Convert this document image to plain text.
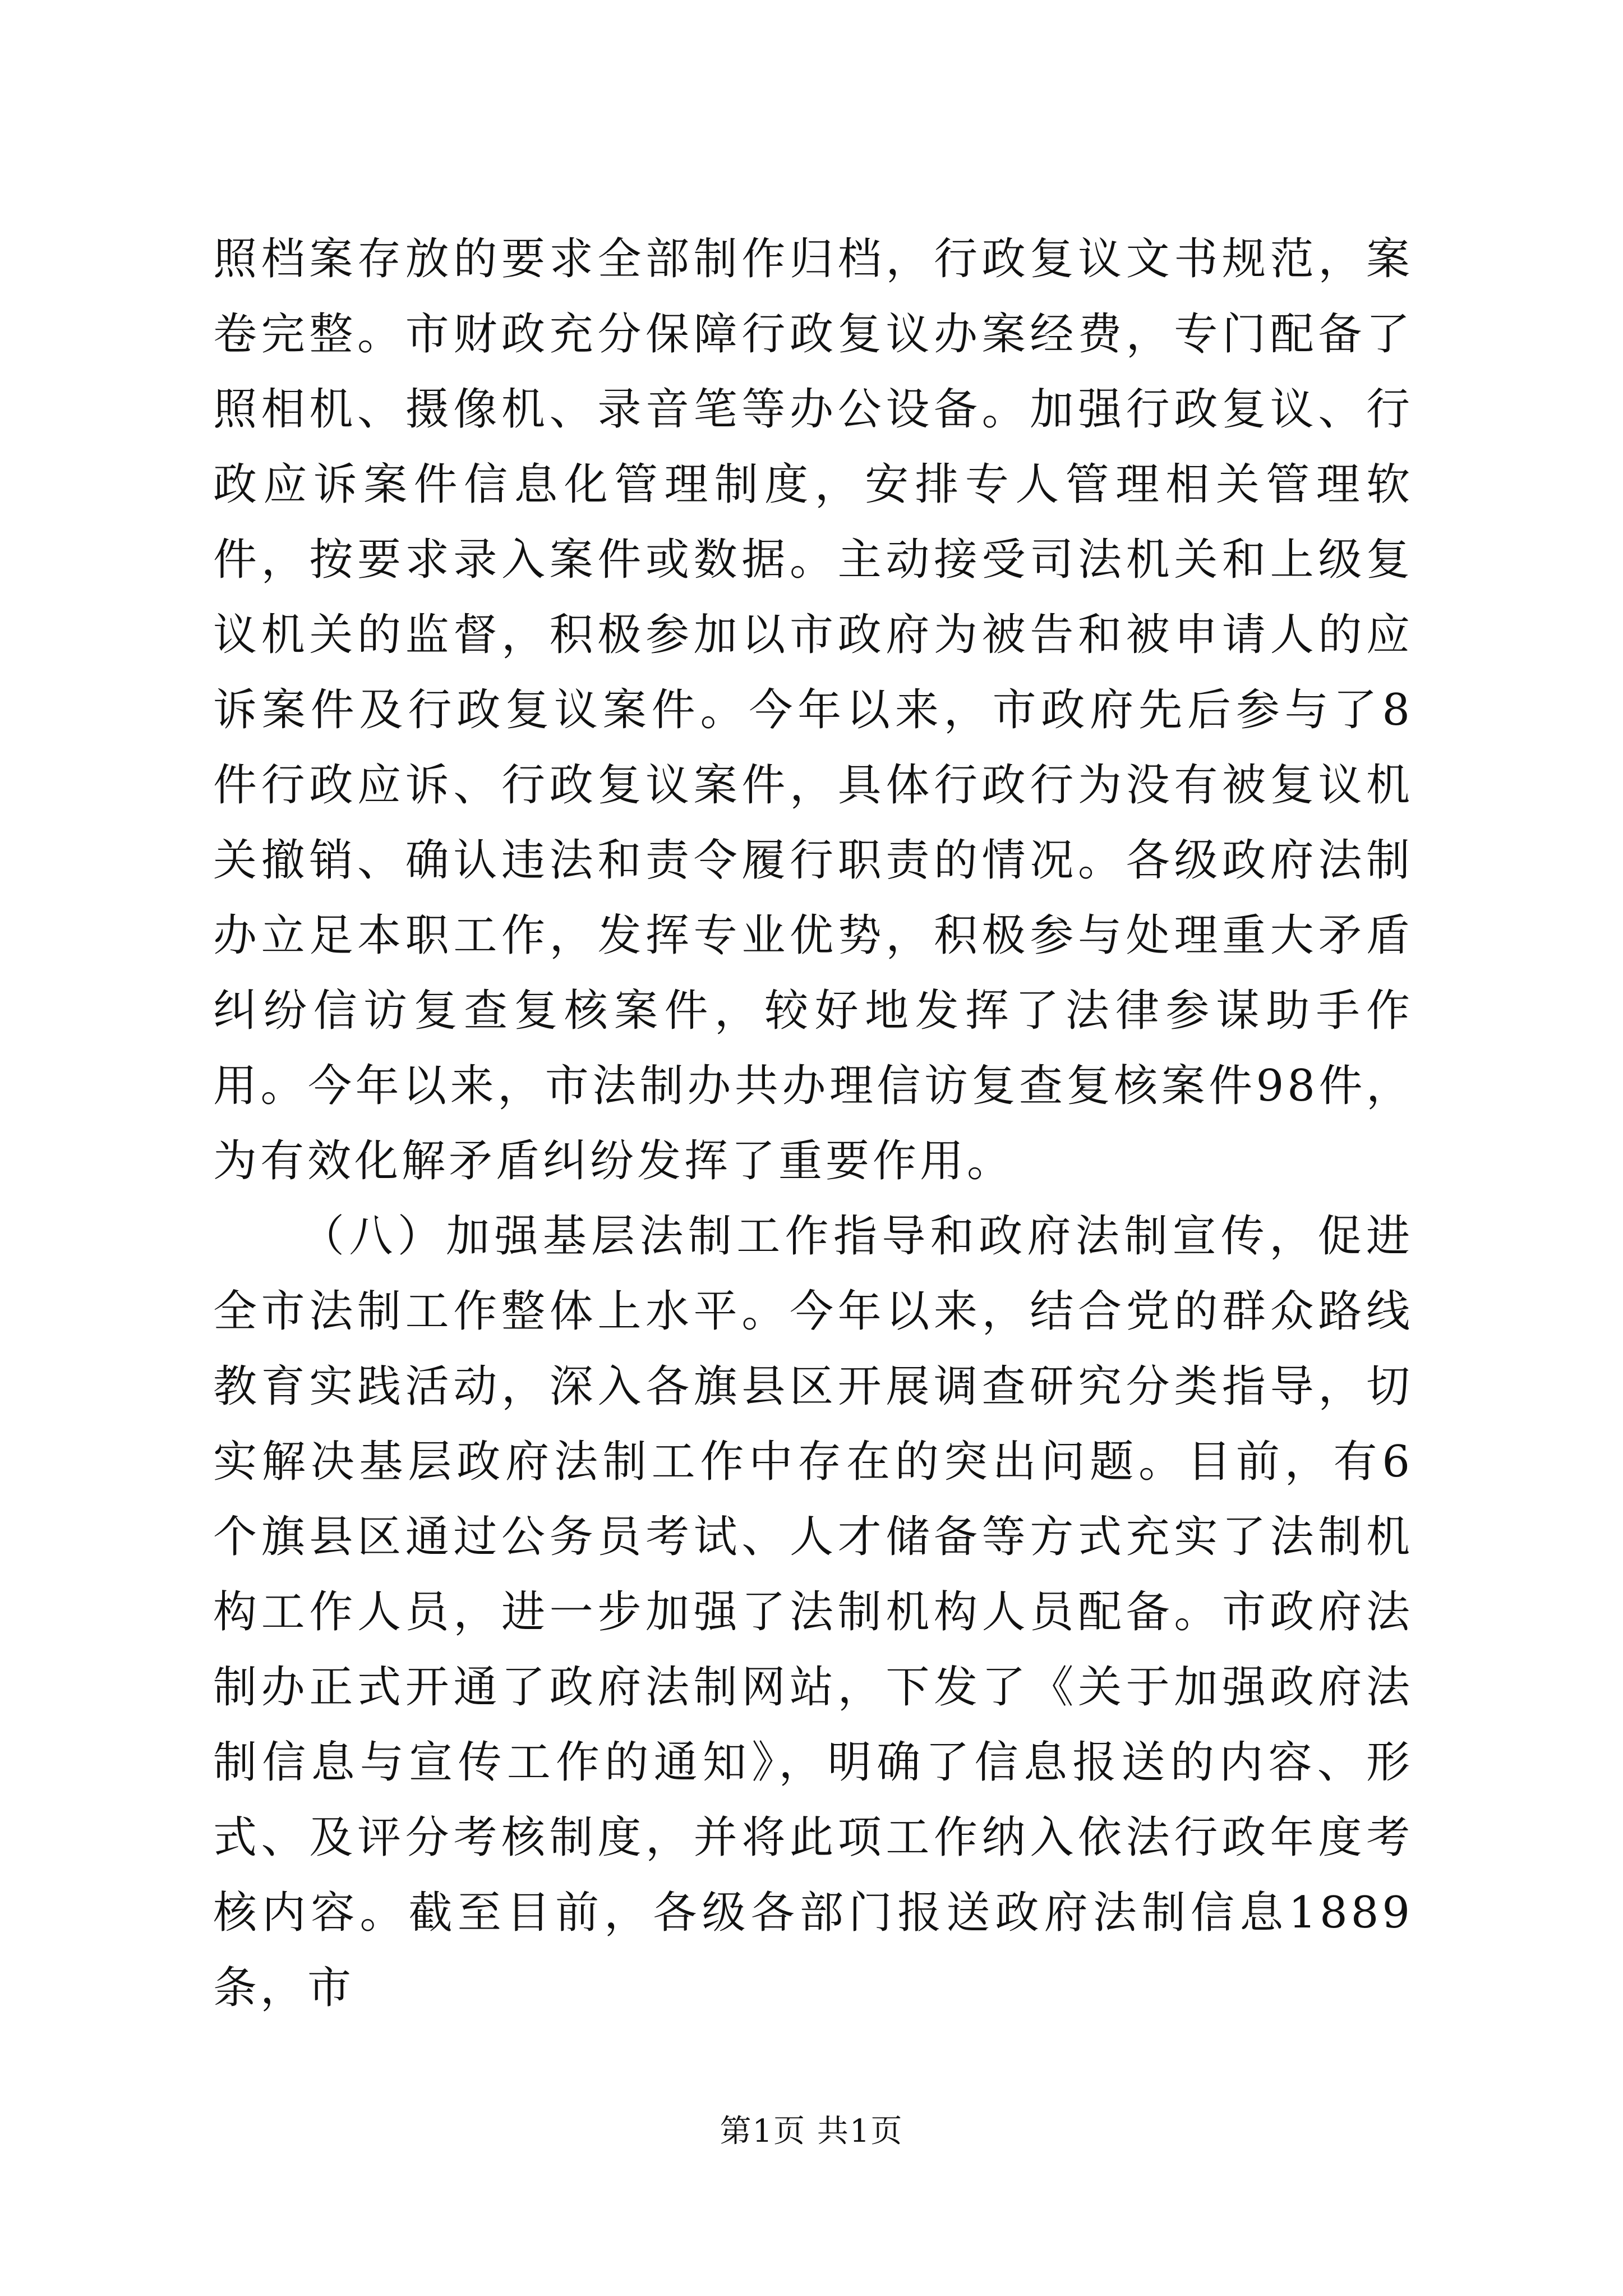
照档案存放的要求全部制作归档，行政复议文书规范，案卷完整。市财政充分保障行政复议办案经费，专门配备了照相机、摄像机、录音笔等办公设备。加强行政复议、行政应诉案件信息化管理制度，安排专人管理相关管理软件，按要求录入案件或数据。主动接受司法机关和上级复议机关的监督，积极参加以市政府为被告和被申请人的应诉案件及行政复议案件。今年以来，市政府先后参与了8件行政应诉、行政复议案件，具体行政行为没有被复议机关撤销、确认违法和责令履行职责的情况。各级政府法制办立足本职工作，发挥专业优势，积极参与处理重大矛盾纠纷信访复查复核案件，较好地发挥了法律参谋助手作用。今年以来，市法制办共办理信访复查复核案件98件，为有效化解矛盾纠纷发挥了重要作用。

（八）加强基层法制工作指导和政府法制宣传，促进全市法制工作整体上水平。今年以来，结合党的群众路线教育实践活动，深入各旗县区开展调查研究分类指导，切实解决基层政府法制工作中存在的突出问题。目前，有6个旗县区通过公务员考试、人才储备等方式充实了法制机构工作人员，进一步加强了法制机构人员配备。市政府法制办正式开通了政府法制网站，下发了《关于加强政府法制信息与宣传工作的通知》，明确了信息报送的内容、形式、及评分考核制度，并将此项工作纳入依法行政年度考核内容。截至目前，各级各部门报送政府法制信息1889条，市

第1页 共1页
